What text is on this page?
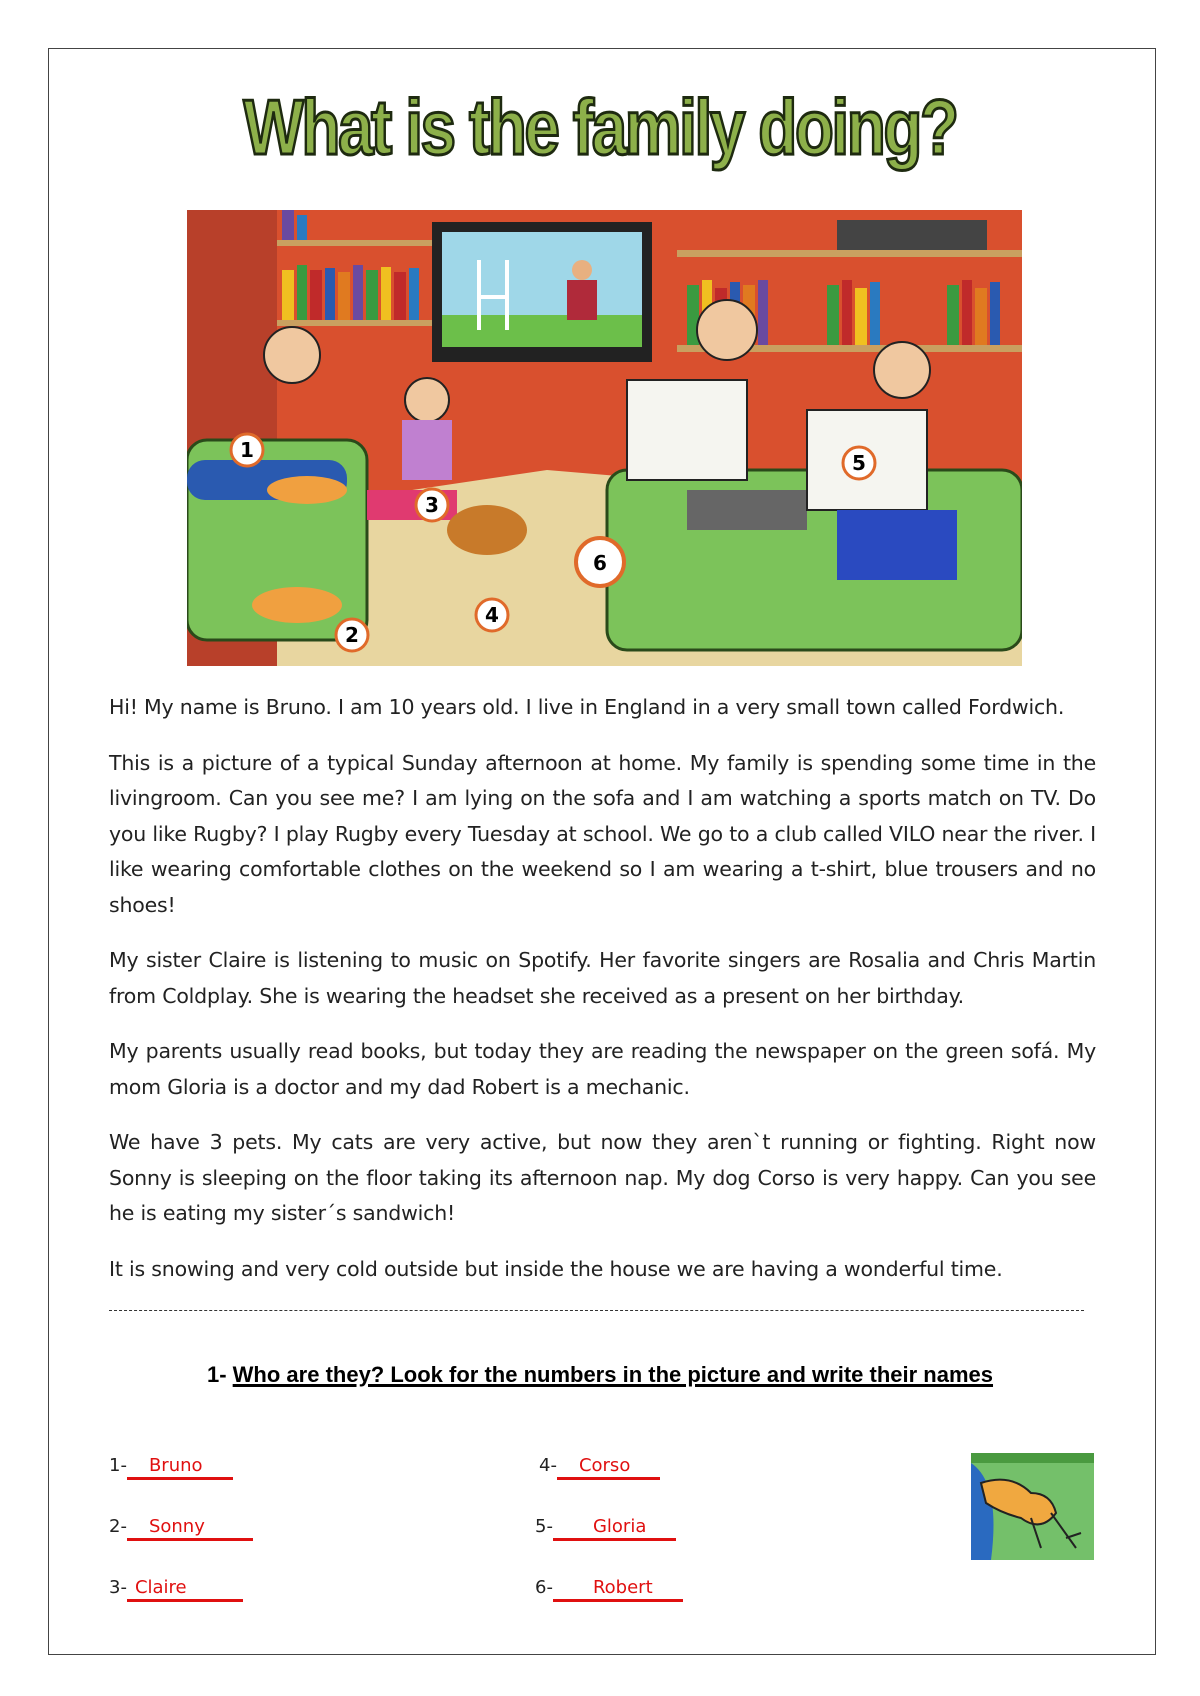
What is the family doing?
1
2
3
4
5
6

Hi! My name is Bruno. I am 10 years old. I live in England in a very small town called Fordwich.

This is a picture of a typical Sunday afternoon at home. My family is spending some time in the livingroom. Can you see me? I am lying on the sofa and I am watching a sports match on TV. Do you like Rugby? I play Rugby every Tuesday at school. We go to a club called VILO near the river. I like wearing comfortable clothes on the weekend so I am wearing a t-shirt, blue trousers and no shoes!

My sister Claire is listening to music on Spotify. Her favorite singers are Rosalia and Chris Martin from Coldplay. She is wearing the headset she received as a present on her birthday.

My parents usually read books, but today they are reading the newspaper on the green sofá. My mom Gloria is a doctor and my dad Robert is a mechanic.

We have 3 pets. My cats are very active, but now they aren`t running or fighting. Right now Sonny is sleeping on the floor taking its afternoon nap. My dog Corso is very happy. Can you see he is eating my sister´s sandwich!

It is snowing and very cold outside but inside the house we are having a wonderful time.

1- Who are they? Look for the numbers in the picture and write their names
1- Bruno
2- Sonny
3- Claire
4- Corso
5- Gloria
6- Robert
